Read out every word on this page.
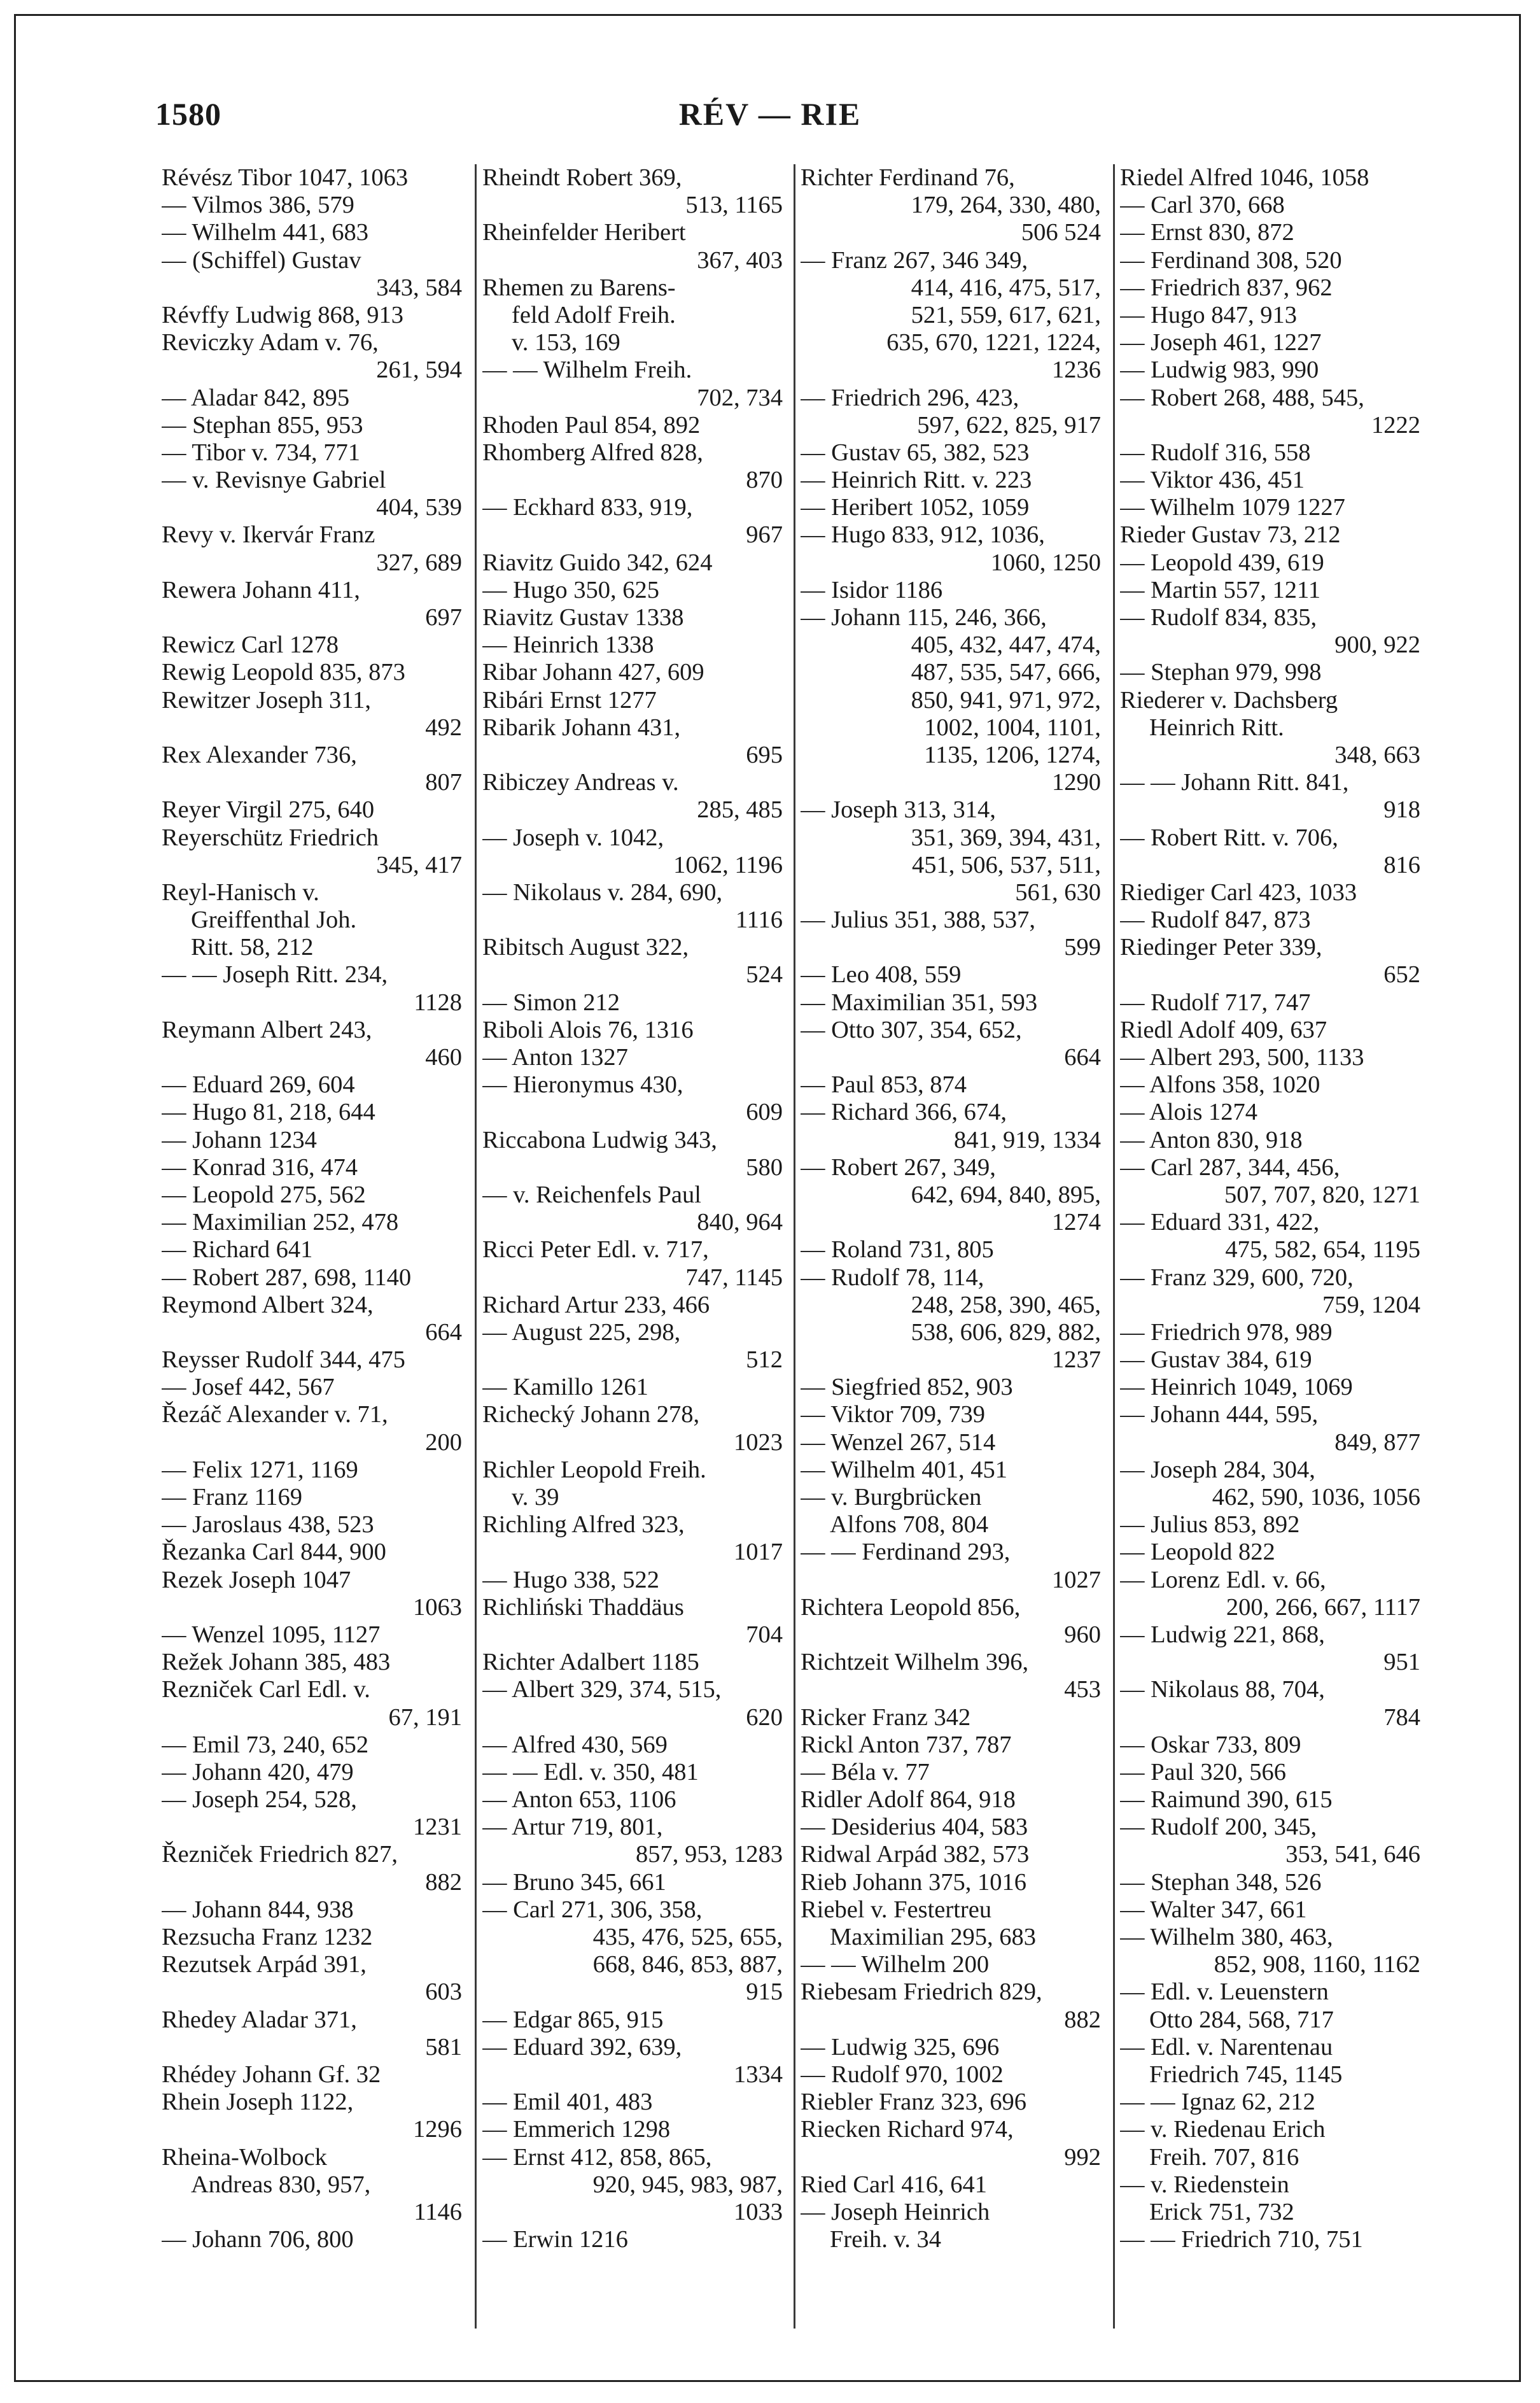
1580	RÉV — RIE
Révész Tibor 1047, 1063
— Vilmos 386, 579
— Wilhelm 441, 683
— (Schiffel) Gustav
343, 584
Révffy Ludwig 868, 913
Reviczky Adam v. 76,
261, 594
— Aladar 842, 895
— Stephan 855, 953
— Tibor v. 734, 771
— v. Revisnye Gabriel
404, 539
Revy v. Ikervár Franz
327, 689
Rewera Johann 411,
697
Rewicz Carl 1278
Rewig Leopold 835, 873
Rewitzer Joseph 311,
492
Rex Alexander 736,
807
Reyer Virgil 275, 640
Reyerschütz Friedrich
345, 417
Reyl-Hanisch v.
Greiffenthal Joh.
Ritt. 58, 212
— — Joseph Ritt. 234,
1128
Reymann Albert 243,
460
— Eduard 269, 604
— Hugo 81, 218, 644
— Johann 1234
— Konrad 316, 474
— Leopold 275, 562
— Maximilian 252, 478
— Richard 641
— Robert 287, 698, 1140
Reymond Albert 324,
664
Reysser Rudolf 344, 475
— Josef 442, 567
Řezáč Alexander v. 71,
200
— Felix 1271, 1169
— Franz 1169
— Jaroslaus 438, 523
Řezanka Carl 844, 900
Rezek Joseph 1047
1063
— Wenzel 1095, 1127
Režek Johann 385, 483
Rezniček Carl Edl. v.
67, 191
— Emil 73, 240, 652
— Johann 420, 479
— Joseph 254, 528,
1231
Řezniček Friedrich 827,
882
— Johann 844, 938
Rezsucha Franz 1232
Rezutsek Arpád 391,
603
Rhedey Aladar 371,
581
Rhédey Johann Gf. 32
Rhein Joseph 1122,
1296
Rheina-Wolbock
Andreas 830, 957,
1146
— Johann 706, 800
Rheindt Robert 369,
513, 1165
Rheinfelder Heribert
367, 403
Rhemen zu Barens-
feld Adolf Freih.
v. 153, 169
— — Wilhelm Freih.
702, 734
Rhoden Paul 854, 892
Rhomberg Alfred 828,
870
— Eckhard 833, 919,
967
Riavitz Guido 342, 624
— Hugo 350, 625
Riavitz Gustav 1338
— Heinrich 1338
Ribar Johann 427, 609
Ribári Ernst 1277
Ribarik Johann 431,
695
Ribiczey Andreas v.
285, 485
— Joseph v. 1042,
1062, 1196
— Nikolaus v. 284, 690,
1116
Ribitsch August 322,
524
— Simon 212
Riboli Alois 76, 1316
— Anton 1327
— Hieronymus 430,
609
Riccabona Ludwig 343,
580
— v. Reichenfels Paul
840, 964
Ricci Peter Edl. v. 717,
747, 1145
Richard Artur 233, 466
— August 225, 298,
512
— Kamillo 1261
Richecký Johann 278,
1023
Richler Leopold Freih.
v. 39
Richling Alfred 323,
1017
— Hugo 338, 522
Richliński Thaddäus
704
Richter Adalbert 1185
— Albert 329, 374, 515,
620
— Alfred 430, 569
— — Edl. v. 350, 481
— Anton 653, 1106
— Artur 719, 801,
857, 953, 1283
— Bruno 345, 661
— Carl 271, 306, 358,
435, 476, 525, 655,
668, 846, 853, 887,
915
— Edgar 865, 915
— Eduard 392, 639,
1334
— Emil 401, 483
— Emmerich 1298
— Ernst 412, 858, 865,
920, 945, 983, 987,
1033
— Erwin 1216
Richter Ferdinand 76,
179, 264, 330, 480,
506 524
— Franz 267, 346 349,
414, 416, 475, 517,
521, 559, 617, 621,
635, 670, 1221, 1224,
1236
— Friedrich 296, 423,
597, 622, 825, 917
— Gustav 65, 382, 523
— Heinrich Ritt. v. 223
— Heribert 1052, 1059
— Hugo 833, 912, 1036,
1060, 1250
— Isidor 1186
— Johann 115, 246, 366,
405, 432, 447, 474,
487, 535, 547, 666,
850, 941, 971, 972,
1002, 1004, 1101,
1135, 1206, 1274,
1290
— Joseph 313, 314,
351, 369, 394, 431,
451, 506, 537, 511,
561, 630
— Julius 351, 388, 537,
599
— Leo 408, 559
— Maximilian 351, 593
— Otto 307, 354, 652,
664
— Paul 853, 874
— Richard 366, 674,
841, 919, 1334
— Robert 267, 349,
642, 694, 840, 895,
1274
— Roland 731, 805
— Rudolf 78, 114,
248, 258, 390, 465,
538, 606, 829, 882,
1237
— Siegfried 852, 903
— Viktor 709, 739
— Wenzel 267, 514
— Wilhelm 401, 451
— v. Burgbrücken
Alfons 708, 804
— — Ferdinand 293,
1027
Richtera Leopold 856,
960
Richtzeit Wilhelm 396,
453
Ricker Franz 342
Rickl Anton 737, 787
— Béla v. 77
Ridler Adolf 864, 918
— Desiderius 404, 583
Ridwal Arpád 382, 573
Rieb Johann 375, 1016
Riebel v. Festertreu
Maximilian 295, 683
— — Wilhelm 200
Riebesam Friedrich 829,
882
— Ludwig 325, 696
— Rudolf 970, 1002
Riebler Franz 323, 696
Riecken Richard 974,
992
Ried Carl 416, 641
— Joseph Heinrich
Freih. v. 34
Riedel Alfred 1046, 1058
— Carl 370, 668
— Ernst 830, 872
— Ferdinand 308, 520
— Friedrich 837, 962
— Hugo 847, 913
— Joseph 461, 1227
— Ludwig 983, 990
— Robert 268, 488, 545,
1222
— Rudolf 316, 558
— Viktor 436, 451
— Wilhelm 1079 1227
Rieder Gustav 73, 212
— Leopold 439, 619
— Martin 557, 1211
— Rudolf 834, 835,
900, 922
— Stephan 979, 998
Riederer v. Dachsberg
Heinrich Ritt.
348, 663
— — Johann Ritt. 841,
918
— Robert Ritt. v. 706,
816
Riediger Carl 423, 1033
— Rudolf 847, 873
Riedinger Peter 339,
652
— Rudolf 717, 747
Riedl Adolf 409, 637
— Albert 293, 500, 1133
— Alfons 358, 1020
— Alois 1274
— Anton 830, 918
— Carl 287, 344, 456,
507, 707, 820, 1271
— Eduard 331, 422,
475, 582, 654, 1195
— Franz 329, 600, 720,
759, 1204
— Friedrich 978, 989
— Gustav 384, 619
— Heinrich 1049, 1069
— Johann 444, 595,
849, 877
— Joseph 284, 304,
462, 590, 1036, 1056
— Julius 853, 892
— Leopold 822
— Lorenz Edl. v. 66,
200, 266, 667, 1117
— Ludwig 221, 868,
951
— Nikolaus 88, 704,
784
— Oskar 733, 809
— Paul 320, 566
— Raimund 390, 615
— Rudolf 200, 345,
353, 541, 646
— Stephan 348, 526
— Walter 347, 661
— Wilhelm 380, 463,
852, 908, 1160, 1162
— Edl. v. Leuenstern
Otto 284, 568, 717
— Edl. v. Narentenau
Friedrich 745, 1145
— — Ignaz 62, 212
— v. Riedenau Erich
Freih. 707, 816
— v. Riedenstein
Erick 751, 732
— — Friedrich 710, 751
